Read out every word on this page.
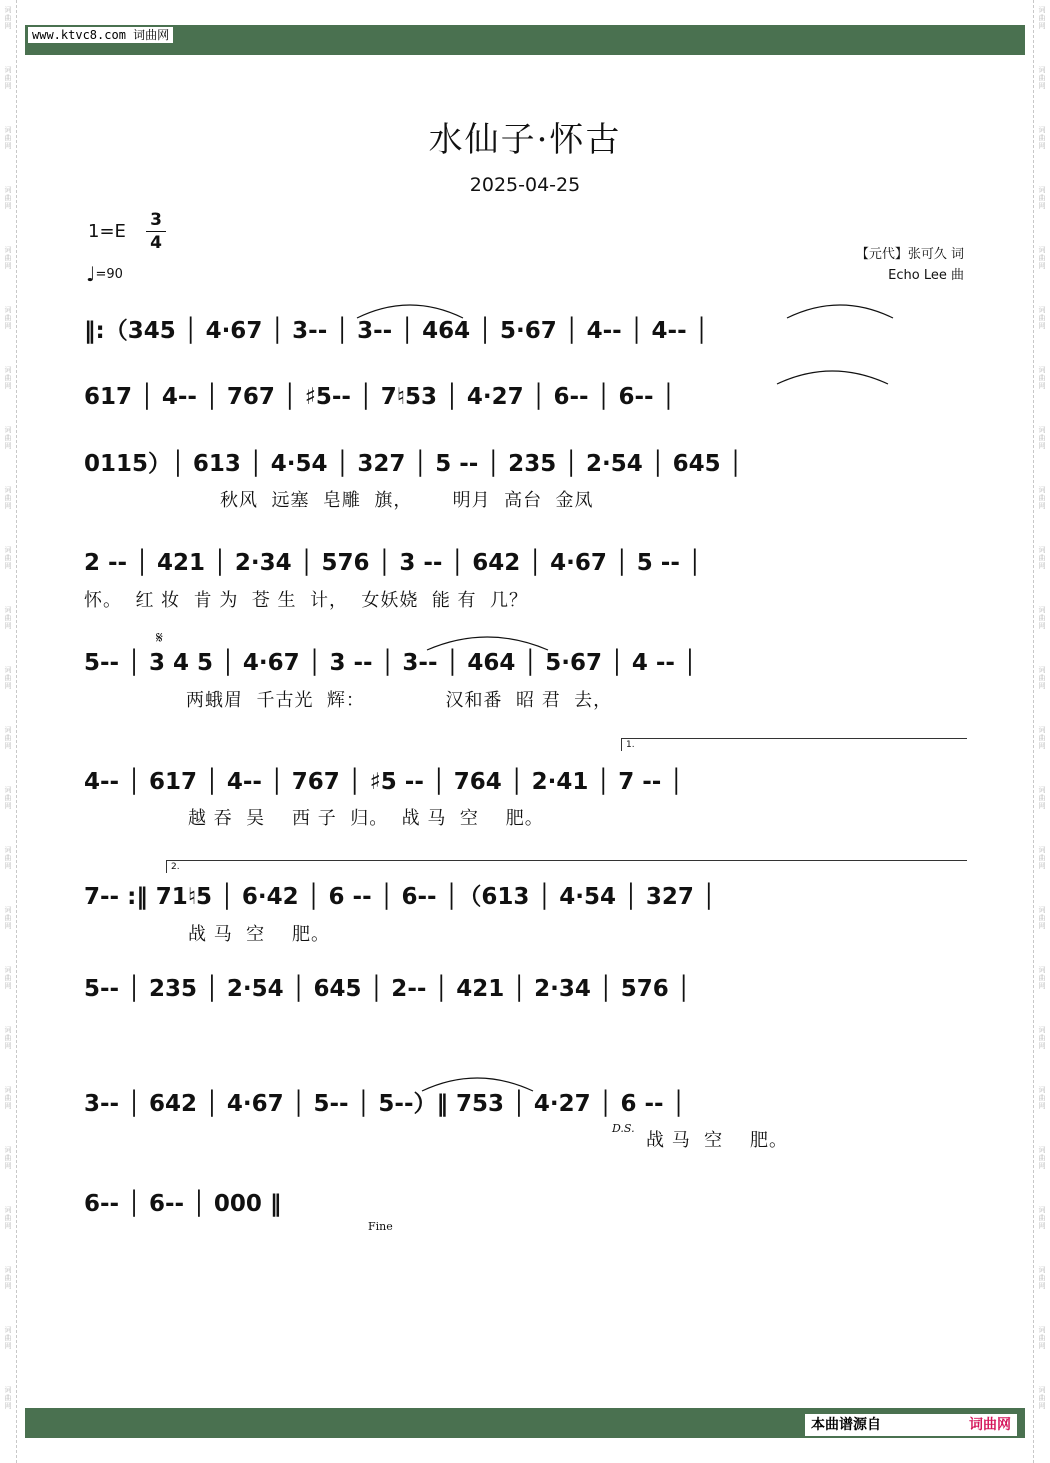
词
曲
网
词
曲
网
词
曲
网
词
曲
网
词
曲
网
词
曲
网
词
曲
网
词
曲
网
词
曲
网
词
曲
网
词
曲
网
词
曲
网
词
曲
网
词
曲
网
词
曲
网
词
曲
网
词
曲
网
词
曲
网
词
曲
网
词
曲
网
词
曲
网
词
曲
网
词
曲
网
词
曲
网
词
曲
网
词
曲
网
词
曲
网
词
曲
网
词
曲
网
词
曲
网
词
曲
网
词
曲
网
词
曲
网
词
曲
网
词
曲
网
词
曲
网
词
曲
网
词
曲
网
词
曲
网
词
曲
网
词
曲
网
词
曲
网
词
曲
网
词
曲
网
词
曲
网
词
曲
网
词
曲
网
词
曲
网
www.ktvc8.com 词曲网
水仙子·怀古
2025-04-25
1=E
3
4
♩=90
【元代】张可久 词
Echo Lee 曲
‖:（345 │ 4·67 │ 3-- │ 3-- │ 464 │ 5·67 │ 4-- │ 4-- │
617 │ 4-- │ 767 │ ♯5-- │ 7♮53 │ 4·27 │ 6-- │ 6-- │
0115）│ 613 │ 4·54 │ 327 │ 5 -- │ 235 │ 2·54 │ 645 │
秋风  远塞  皂雕  旗，      明月  高台  金凤
2 -- │ 421 │ 2·34 │ 576 │ 3 -- │ 642 │ 4·67 │ 5 -- │
怀。  红 妆  肯 为  苍 生  计，  女妖娆  能 有  几？
𝄋
5-- │ 3 4 5 │ 4·67 │ 3 -- │ 3-- │ 464 │ 5·67 │ 4 -- │
两蛾眉  千古光  辉：            汉和番  昭 君  去，
1.
4-- │ 617 │ 4-- │ 767 │ ♯5 -- │ 764 │ 2·41 │ 7 -- │
越 吞  吴    西 子  归。  战 马  空    肥。
2.
7-- :‖ 71♮5 │ 6·42 │ 6 -- │ 6-- │（613 │ 4·54 │ 327 │
战 马  空    肥。
5-- │ 235 │ 2·54 │ 645 │ 2-- │ 421 │ 2·34 │ 576 │
3-- │ 642 │ 4·67 │ 5-- │ 5--）‖ 753 │ 4·27 │ 6 -- │
D.S.
战 马  空    肥。
6-- │ 6-- │ 000 ‖
Fine
本曲谱源自	词曲网
